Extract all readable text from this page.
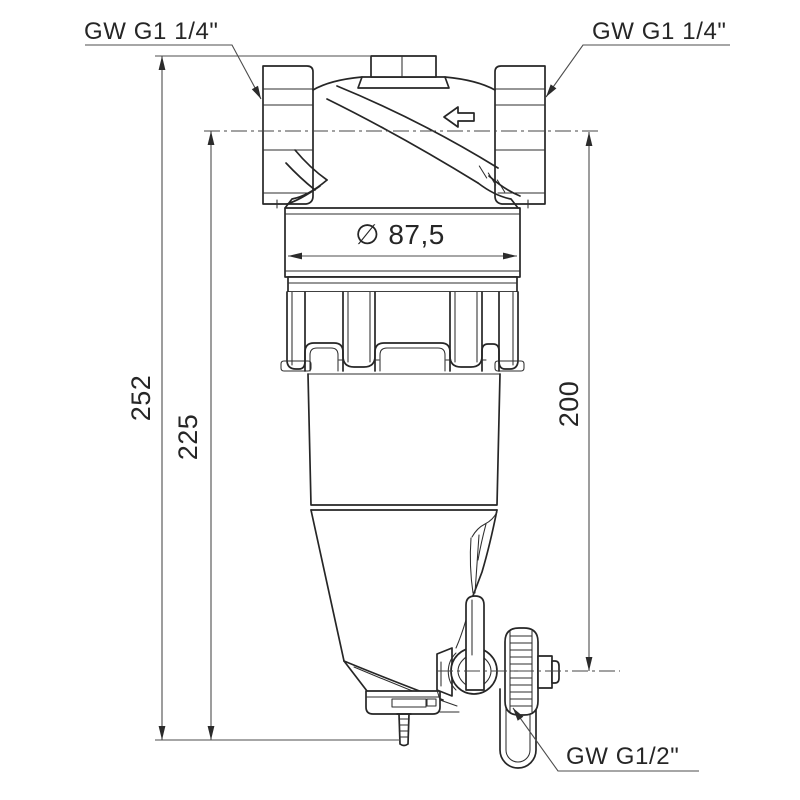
GW G1 1/4"	GW G1 1/4"
GW G1/2"
∅ 87,5
252
225
200
